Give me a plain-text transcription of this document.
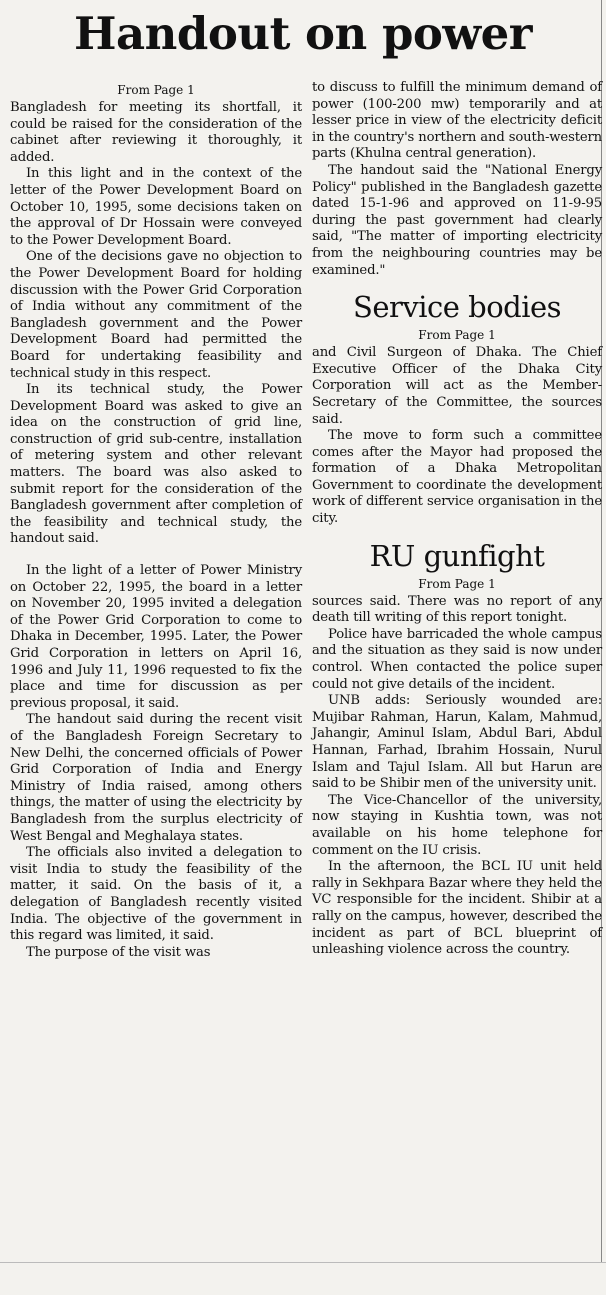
Handout on power
From Page 1

Bangladesh for meeting its shortfall, it could be raised for the consideration of the cabinet after reviewing it thoroughly, it added.

In this light and in the context of the letter of the Power Development Board on October 10, 1995, some decisions taken on the approval of Dr Hossain were conveyed to the Power Development Board.

One of the decisions gave no objection to the Power Development Board for holding discussion with the Power Grid Corporation of India without any commitment of the Bangladesh government and the Power Development Board had permitted the Board for undertaking feasibility and technical study in this respect.

In its technical study, the Power Development Board was asked to give an idea on the construction of grid line, construction of grid sub-centre, installation of metering system and other relevant matters. The board was also asked to submit report for the consideration of the Bangladesh government after completion of the feasibility and technical study, the handout said.

In the light of a letter of Power Ministry on October 22, 1995, the board in a letter on November 20, 1995 invited a delegation of the Power Grid Corporation to come to Dhaka in December, 1995. Later, the Power Grid Corporation in letters on April 16, 1996 and July 11, 1996 requested to fix the place and time for discussion as per previous proposal, it said.

The handout said during the recent visit of the Bangladesh Foreign Secretary to New Delhi, the concerned officials of Power Grid Corporation of India and Energy Ministry of India raised, among others things, the matter of using the electricity by Bangladesh from the surplus electricity of West Bengal and Meghalaya states.

The officials also invited a delegation to visit India to study the feasibility of the matter, it said. On the basis of it, a delegation of Bangladesh recently visited India. The objective of the government in this regard was limited, it said.

The purpose of the visit was

to discuss to fulfill the minimum demand of power (100-200 mw) temporarily and at lesser price in view of the electricity deficit in the country's northern and south-western parts (Khulna central generation).

The handout said the "National Energy Policy" published in the Bangladesh gazette dated 15-1-96 and approved on 11-9-95 during the past government had clearly said, "The matter of importing electricity from the neighbouring countries may be examined."

Service bodies
From Page 1

and Civil Surgeon of Dhaka. The Chief Executive Officer of the Dhaka City Corporation will act as the Member-Secretary of the Committee, the sources said.

The move to form such a committee comes after the Mayor had proposed the formation of a Dhaka Metropolitan Government to coordinate the development work of different service organisation in the city.

RU gunfight
From Page 1

sources said. There was no report of any death till writing of this report tonight.

Police have barricaded the whole campus and the situation as they said is now under control. When contacted the police super could not give details of the incident.

UNB adds: Seriously wounded are: Mujibar Rahman, Harun, Kalam, Mahmud, Jahangir, Aminul Islam, Abdul Bari, Abdul Hannan, Farhad, Ibrahim Hossain, Nurul Islam and Tajul Islam. All but Harun are said to be Shibir men of the university unit.

The Vice-Chancellor of the university, now staying in Kushtia town, was not available on his home telephone for comment on the IU crisis.

In the afternoon, the BCL IU unit held rally in Sekhpara Bazar where they held the VC responsible for the incident. Shibir at a rally on the campus, however, described the incident as part of BCL blueprint of unleashing violence across the country.
